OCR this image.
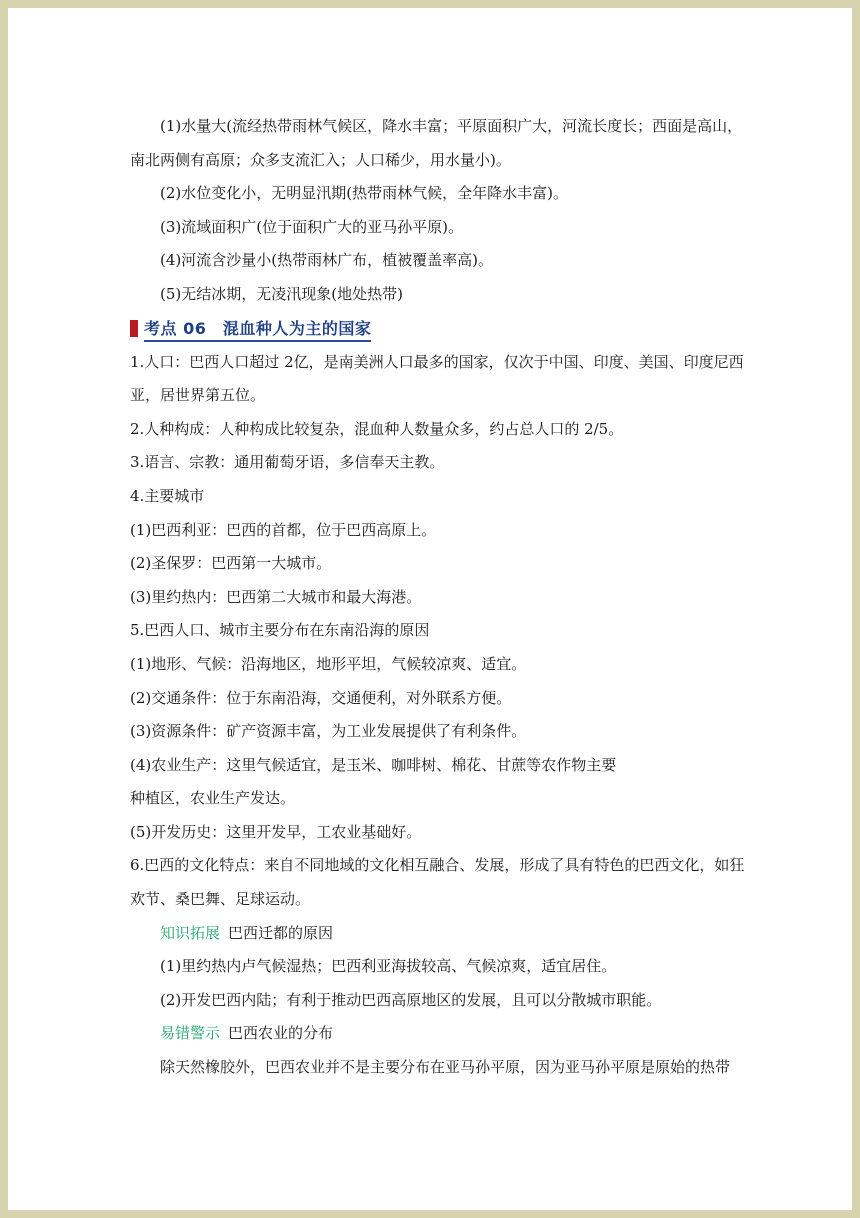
(1)水量大(流经热带雨林气候区，降水丰富；平原面积广大，河流长度长；西面是高山，南北两侧有高原；众多支流汇入；人口稀少，用水量小)。

(2)水位变化小，无明显汛期(热带雨林气候，全年降水丰富)。

(3)流域面积广(位于面积广大的亚马孙平原)。

(4)河流含沙量小(热带雨林广布，植被覆盖率高)。

(5)无结冰期，无凌汛现象(地处热带)

考点 06　混血种人为主的国家

1.人口：巴西人口超过 2亿，是南美洲人口最多的国家，仅次于中国、印度、美国、印度尼西亚，居世界第五位。

2.人种构成：人种构成比较复杂，混血种人数量众多，约占总人口的 2/5。

3.语言、宗教：通用葡萄牙语，多信奉天主教。

4.主要城市

(1)巴西利亚：巴西的首都，位于巴西高原上。

(2)圣保罗：巴西第一大城市。

(3)里约热内：巴西第二大城市和最大海港。

5.巴西人口、城市主要分布在东南沿海的原因

(1)地形、气候：沿海地区，地形平坦，气候较凉爽、适宜。

(2)交通条件：位于东南沿海，交通便利，对外联系方便。

(3)资源条件：矿产资源丰富，为工业发展提供了有利条件。

(4)农业生产：这里气候适宜，是玉米、咖啡树、棉花、甘蔗等农作物主要

种植区，农业生产发达。

(5)开发历史：这里开发早，工农业基础好。

6.巴西的文化特点：来自不同地域的文化相互融合、发展，形成了具有特色的巴西文化，如狂欢节、桑巴舞、足球运动。

知识拓展 巴西迁都的原因

(1)里约热内卢气候湿热；巴西利亚海拔较高、气候凉爽，适宜居住。

(2)开发巴西内陆；有利于推动巴西高原地区的发展，且可以分散城市职能。

易错警示 巴西农业的分布

除天然橡胶外，巴西农业并不是主要分布在亚马孙平原，因为亚马孙平原是原始的热带
